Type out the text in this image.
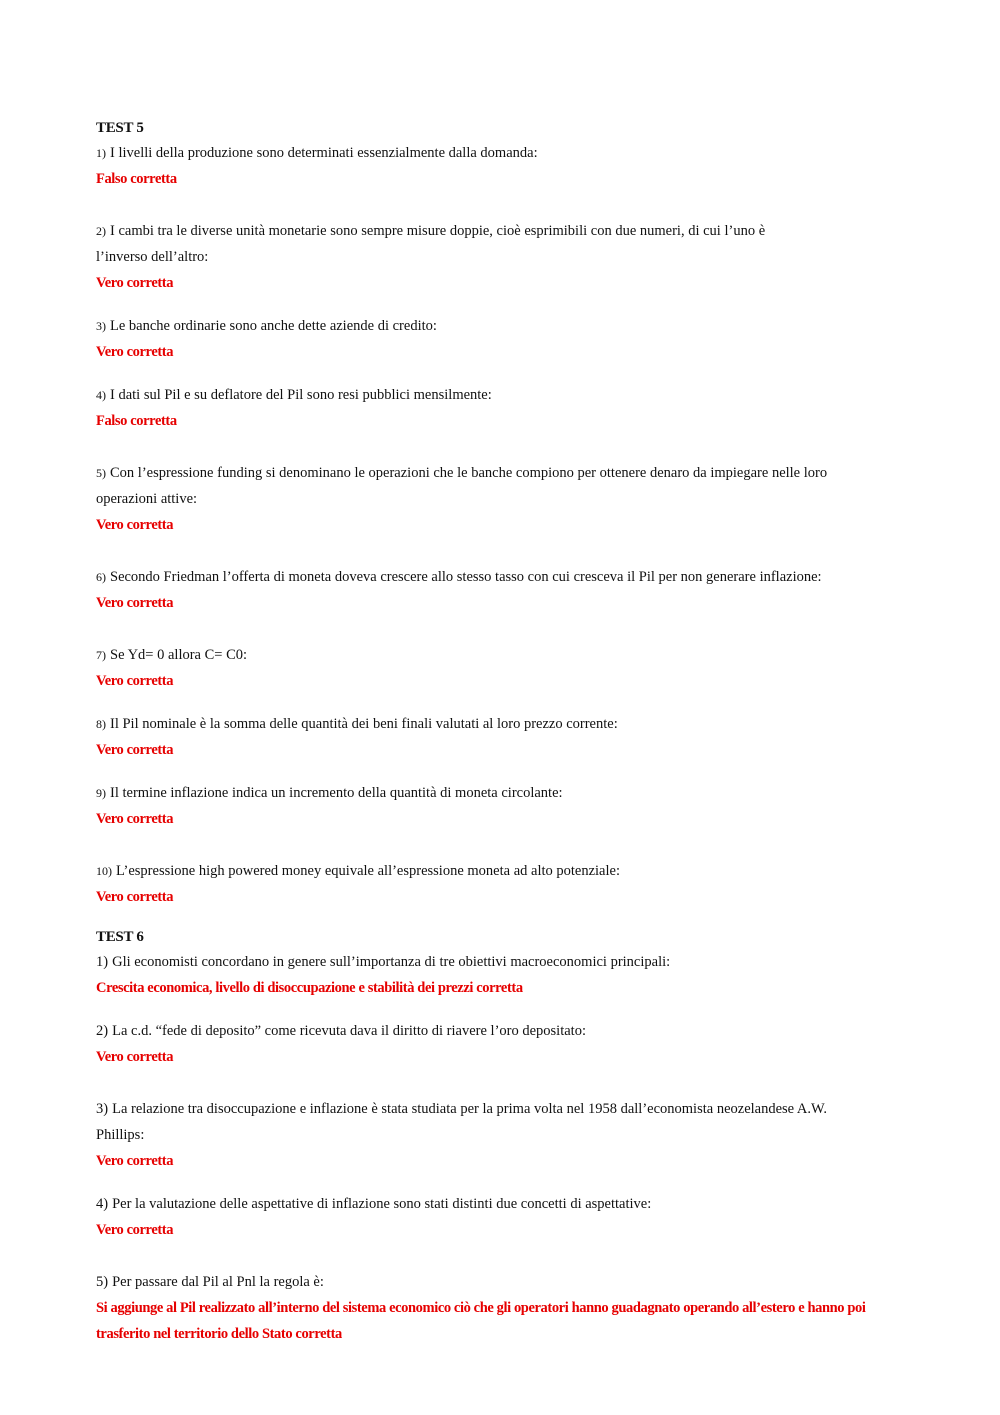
TEST 5

1) I livelli della produzione sono determinati essenzialmente dalla domanda:

Falso corretta

2) I cambi tra le diverse unità monetarie sono sempre misure doppie, cioè esprimibili con due numeri, di cui l’uno è l’inverso dell’altro:

Vero corretta

3) Le banche ordinarie sono anche dette aziende di credito:

Vero corretta

4) I dati sul Pil e su deflatore del Pil sono resi pubblici mensilmente:

Falso corretta

5) Con l’espressione funding si denominano le operazioni che le banche compiono per ottenere denaro da impiegare nelle loro operazioni attive:

Vero corretta

6) Secondo Friedman l’offerta di moneta doveva crescere allo stesso tasso con cui cresceva il Pil per non generare inflazione:

Vero corretta

7) Se Yd= 0 allora C= C0:

Vero corretta

8) Il Pil nominale è la somma delle quantità dei beni finali valutati al loro prezzo corrente:

Vero corretta

9) Il termine inflazione indica un incremento della quantità di moneta circolante:

Vero corretta

10) L’espressione high powered money equivale all’espressione moneta ad alto potenziale:

Vero corretta

TEST 6

1) Gli economisti concordano in genere sull’importanza di tre obiettivi macroeconomici principali:

Crescita economica, livello di disoccupazione e stabilità dei prezzi corretta

2) La c.d. “fede di deposito” come ricevuta dava il diritto di riavere l’oro depositato:

Vero corretta

3) La relazione tra disoccupazione e inflazione è stata studiata per la prima volta nel 1958 dall’economista neozelandese A.W. Phillips:

Vero corretta

4) Per la valutazione delle aspettative di inflazione sono stati distinti due concetti di aspettative:

Vero corretta

5) Per passare dal Pil al Pnl la regola è:

Si aggiunge al Pil realizzato all’interno del sistema economico ciò che gli operatori hanno guadagnato operando all’estero e hanno poi trasferito nel territorio dello Stato corretta
